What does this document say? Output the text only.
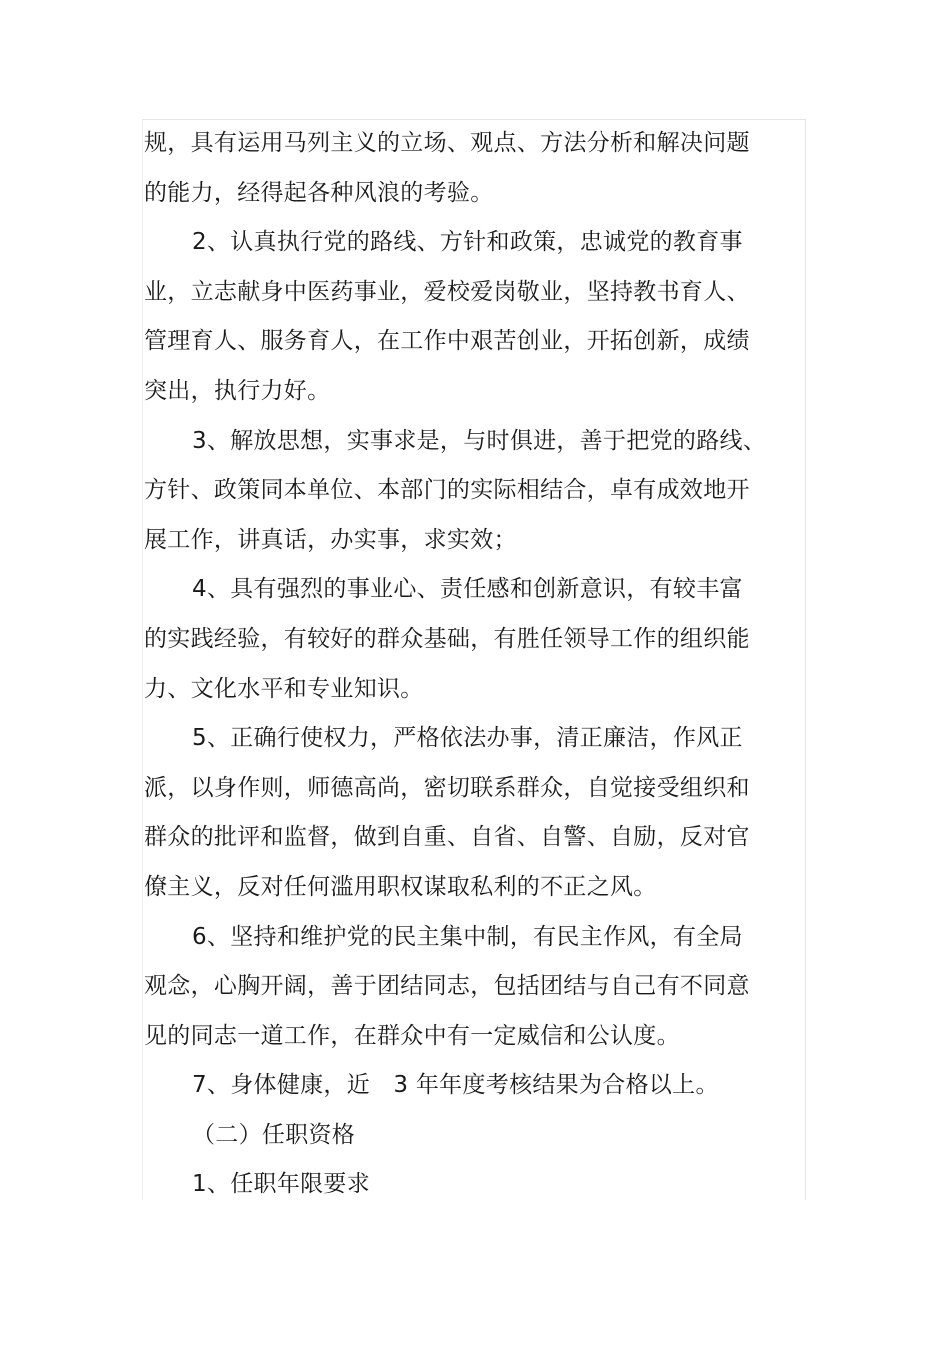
规，具有运用马列主义的立场、观点、方法分析和解决问题
的能力，经得起各种风浪的考验。
2、认真执行党的路线、方针和政策，忠诚党的教育事
业，立志献身中医药事业，爱校爱岗敬业，坚持教书育人、
管理育人、服务育人，在工作中艰苦创业，开拓创新，成绩
突出，执行力好。
3、解放思想，实事求是，与时俱进，善于把党的路线、
方针、政策同本单位、本部门的实际相结合，卓有成效地开
展工作，讲真话，办实事，求实效；
4、具有强烈的事业心、责任感和创新意识，有较丰富
的实践经验，有较好的群众基础，有胜任领导工作的组织能
力、文化水平和专业知识。
5、正确行使权力，严格依法办事，清正廉洁，作风正
派，以身作则，师德高尚，密切联系群众，自觉接受组织和
群众的批评和监督，做到自重、自省、自警、自励，反对官
僚主义，反对任何滥用职权谋取私利的不正之风。
6、坚持和维护党的民主集中制，有民主作风，有全局
观念，心胸开阔，善于团结同志，包括团结与自己有不同意
见的同志一道工作，在群众中有一定威信和公认度。
7、身体健康，近　3 年年度考核结果为合格以上。
（二）任职资格
1、任职年限要求
